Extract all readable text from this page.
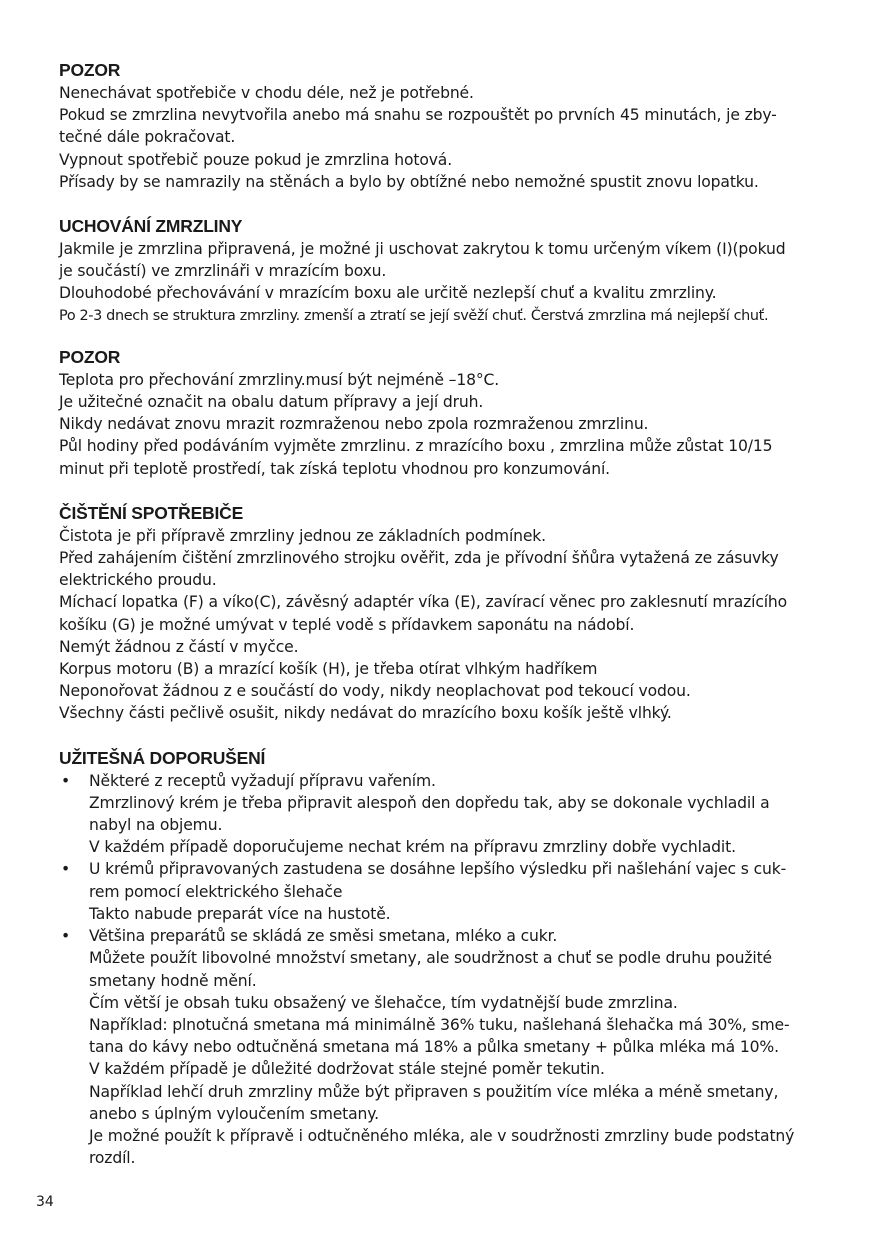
POZOR

Nenechávat spotřebiče v chodu déle, než je potřebné.

Pokud se zmrzlina nevytvořila anebo má snahu se rozpouštět po prvních 45 minutách, je zby-

tečné dále pokračovat.

Vypnout spotřebič pouze pokud je zmrzlina hotová.

Přísady by se namrazily na stěnách a bylo by obtížné nebo nemožné spustit znovu lopatku.

UCHOVÁNÍ ZMRZLINY

Jakmile je zmrzlina připravená, je možné ji uschovat zakrytou k tomu určeným víkem (I)(pokud

je součástí) ve zmrzlináři v mrazícím boxu.

Dlouhodobé přechovávání v mrazícím boxu ale určitě nezlepší chuť a kvalitu zmrzliny.

Po 2-3 dnech se struktura zmrzliny. zmenší a ztratí se její svěží chuť. Čerstvá zmrzlina má nejlepší chuť.

POZOR

Teplota pro přechování zmrzliny.musí být nejméně –18°C.

Je užitečné označit na obalu datum přípravy a její druh.

Nikdy nedávat znovu mrazit rozmraženou nebo zpola rozmraženou zmrzlinu.

Půl hodiny před podáváním vyjměte zmrzlinu. z mrazícího boxu , zmrzlina může zůstat 10/15

minut při teplotě prostředí, tak získá teplotu vhodnou pro konzumování.

ČIŠTĚNÍ SPOTŘEBIČE

Čistota je při přípravě zmrzliny jednou ze základních podmínek.

Před zahájením čištění zmrzlinového strojku ověřit, zda je přívodní šňůra vytažená ze zásuvky

elektrického proudu.

Míchací lopatka (F) a víko(C), závěsný adaptér víka (E), zavírací věnec pro zaklesnutí mrazícího

košíku (G) je možné umývat v teplé vodě s přídavkem saponátu na nádobí.

Nemýt žádnou z částí v myčce.

Korpus motoru (B) a mrazící košík (H), je třeba otírat vlhkým hadříkem

Neponořovat žádnou z e součástí do vody, nikdy neoplachovat pod tekoucí vodou.

Všechny části pečlivě osušit, nikdy nedávat do mrazícího boxu košík ještě vlhký.

UŽITEŠNÁ DOPORUŠENÍ
• Některé z receptů vyžadují přípravu vařením.

Zmrzlinový krém je třeba připravit alespoň den dopředu tak, aby se dokonale vychladil a

nabyl na objemu.

V každém případě doporučujeme nechat krém na přípravu zmrzliny dobře vychladit.

• U krémů připravovaných zastudena se dosáhne lepšího výsledku při našlehání vajec s cuk-

rem pomocí elektrického šlehače

Takto nabude preparát více na hustotě.

• Většina preparátů se skládá ze směsi smetana, mléko a cukr.

Můžete použít libovolné množství smetany, ale soudržnost a chuť se podle druhu použité

smetany hodně mění.

Čím větší je obsah tuku obsažený ve šlehačce, tím vydatnější bude zmrzlina.

Například: plnotučná smetana má minimálně 36% tuku, našlehaná šlehačka má 30%, sme-

tana do kávy nebo odtučněná smetana má 18% a půlka smetany + půlka mléka má 10%.

V každém případě je důležité dodržovat stále stejné poměr tekutin.

Například lehčí druh zmrzliny může být připraven s použitím více mléka a méně smetany,

anebo s úplným vyloučením smetany.

Je možné použít k přípravě i odtučněného mléka, ale v soudržnosti zmrzliny bude podstatný

rozdíl.

34
